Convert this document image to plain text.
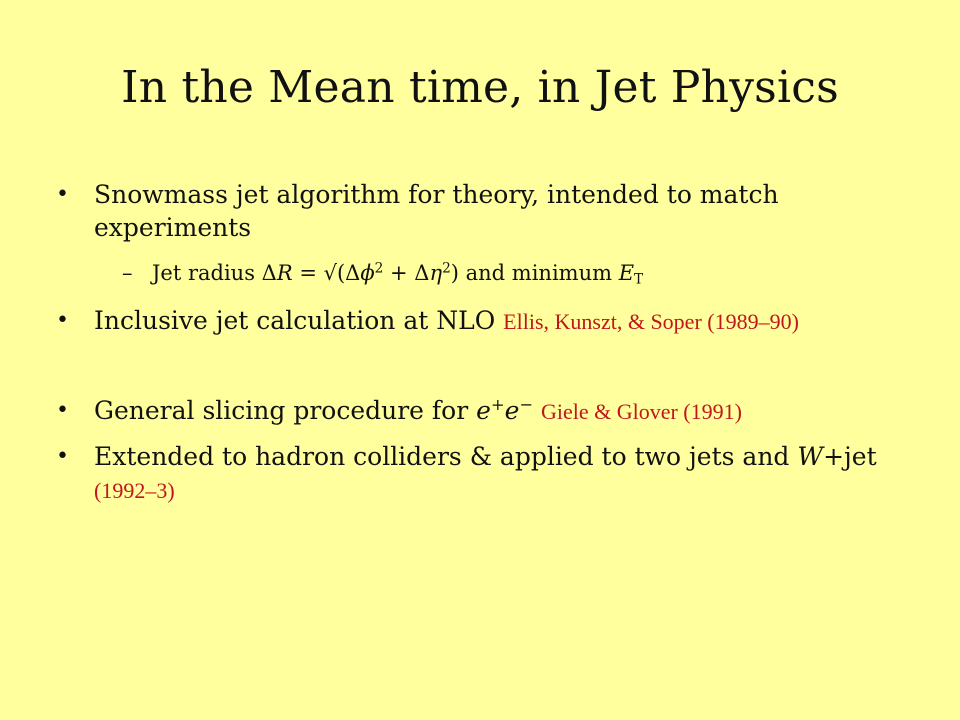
In the Mean time, in Jet Physics
• Snowmass jet algorithm for theory, intended to match experiments
– Jet radius $\Delta R = √(\Delta\phi^2 + \Delta\eta^2)$ and minimum $E_T$
• Inclusive jet calculation at NLO Ellis, Kunszt, & Soper (1989–90)
• General slicing procedure for e+e− Giele & Glover (1991)
• Extended to hadron colliders & applied to two jets and W+jet (1992–3)
